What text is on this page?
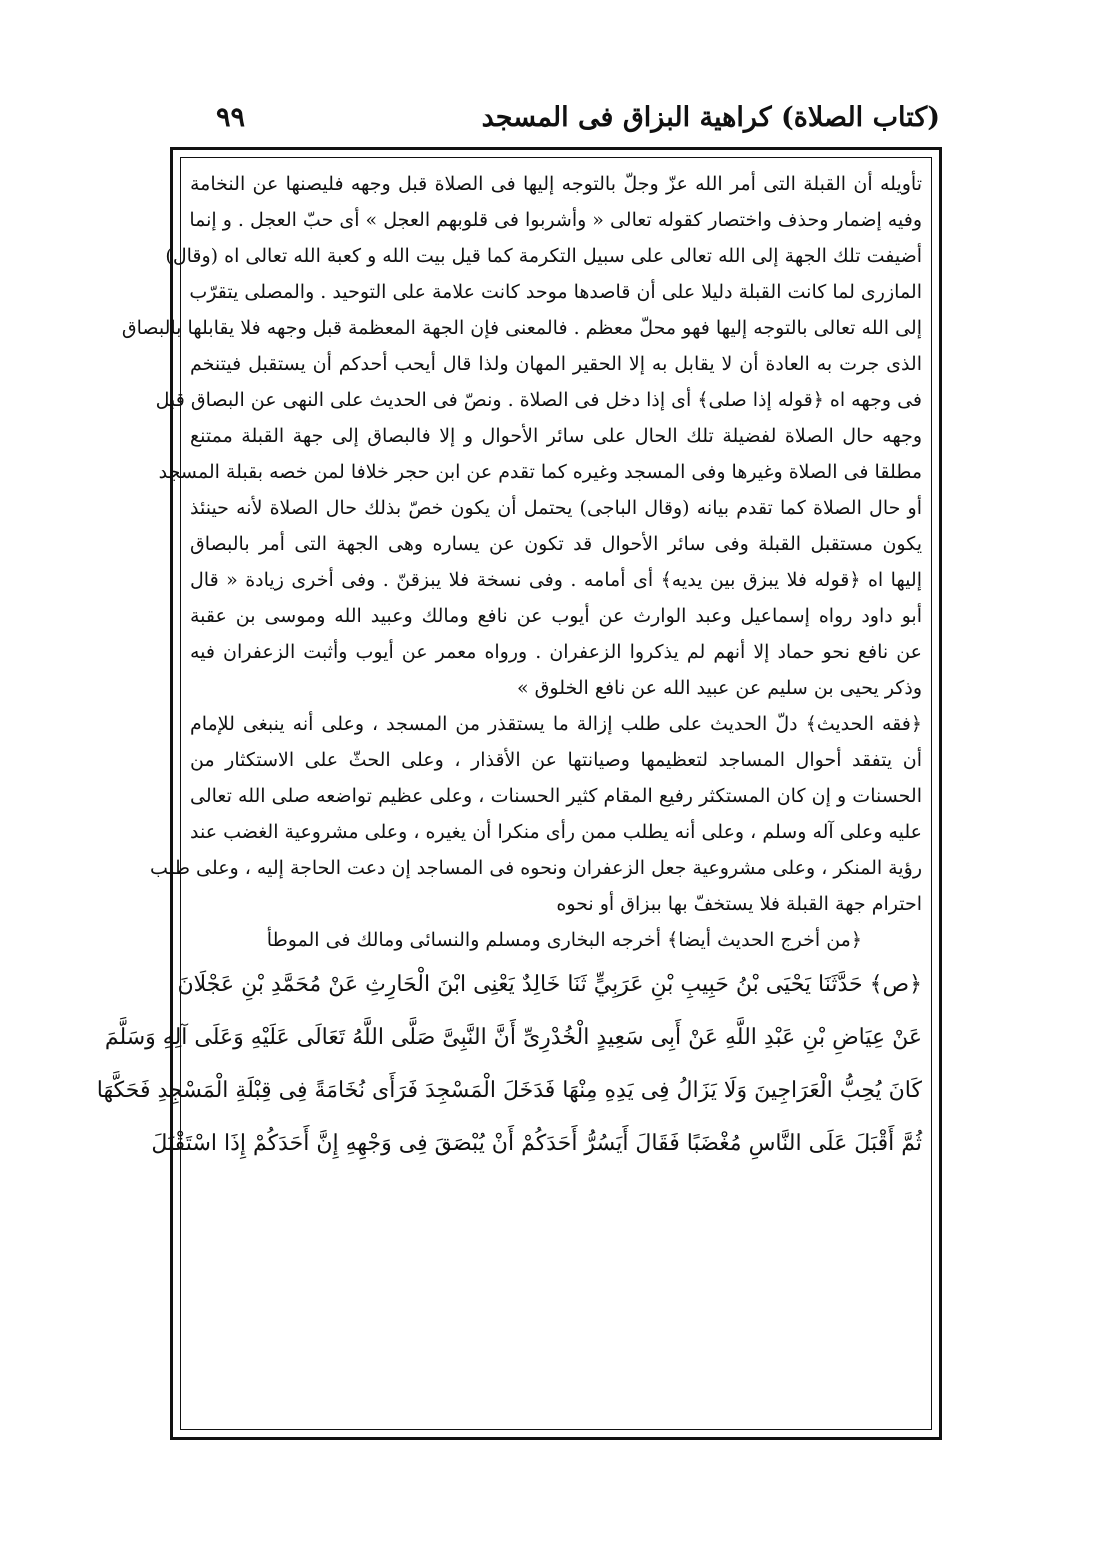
(كتاب الصلاة) كراهية البزاق فى المسجد
٩٩
تأويله أن القبلة التى أمر الله عزّ وجلّ بالتوجه إليها فى الصلاة قبل وجهه فليصنها عن النخامة
وفيه إضمار وحذف واختصار كقوله تعالى « وأشربوا فى قلوبهم العجل » أى حبّ العجل . و إنما
أضيفت تلك الجهة إلى الله تعالى على سبيل التكرمة كما قيل بيت الله و كعبة الله تعالى اه (وقال)
المازرى لما كانت القبلة دليلا على أن قاصدها موحد كانت علامة على التوحيد . والمصلى يتقرّب
إلى الله تعالى بالتوجه إليها فهو محلّ معظم . فالمعنى فإن الجهة المعظمة قبل وجهه فلا يقابلها بالبصاق
الذى جرت به العادة أن لا يقابل به إلا الحقير المهان ولذا قال أيحب أحدكم أن يستقبل فيتنخم
فى وجهه اه ﴿قوله إذا صلى﴾ أى إذا دخل فى الصلاة . ونصّ فى الحديث على النهى عن البصاق قبل
وجهه حال الصلاة لفضيلة تلك الحال على سائر الأحوال و إلا فالبصاق إلى جهة القبلة ممتنع
مطلقا فى الصلاة وغيرها وفى المسجد وغيره كما تقدم عن ابن حجر خلافا لمن خصه بقبلة المسجد
أو حال الصلاة كما تقدم بيانه (وقال الباجى) يحتمل أن يكون خصّ بذلك حال الصلاة لأنه حينئذ
يكون مستقبل القبلة وفى سائر الأحوال قد تكون عن يساره وهى الجهة التى أمر بالبصاق
إليها اه ﴿قوله فلا يبزق بين يديه﴾ أى أمامه . وفى نسخة فلا يبزقنّ . وفى أخرى زيادة « قال
أبو داود رواه إسماعيل وعبد الوارث عن أيوب عن نافع ومالك وعبيد الله وموسى بن عقبة
عن نافع نحو حماد إلا أنهم لم يذكروا الزعفران . ورواه معمر عن أيوب وأثبت الزعفران فيه
وذكر يحيى بن سليم عن عبيد الله عن نافع الخلوق »
﴿فقه الحديث﴾ دلّ الحديث على طلب إزالة ما يستقذر من المسجد ، وعلى أنه ينبغى للإمام
أن يتفقد أحوال المساجد لتعظيمها وصيانتها عن الأقذار ، وعلى الحثّ على الاستكثار من
الحسنات و إن كان المستكثر رفيع المقام كثير الحسنات ، وعلى عظيم تواضعه صلى الله تعالى
عليه وعلى آله وسلم ، وعلى أنه يطلب ممن رأى منكرا أن يغيره ، وعلى مشروعية الغضب عند
رؤية المنكر ، وعلى مشروعية جعل الزعفران ونحوه فى المساجد إن دعت الحاجة إليه ، وعلى طلب
احترام جهة القبلة فلا يستخفّ بها ببزاق أو نحوه
﴿من أخرج الحديث أيضا﴾ أخرجه البخارى ومسلم والنسائى ومالك فى الموطأ
﴿ص﴾ حَدَّثَنَا يَحْيَى بْنُ حَبِيبِ بْنِ عَرَبِيٍّ ثَنَا خَالِدٌ يَعْنِى ابْنَ الْحَارِثِ عَنْ مُحَمَّدِ بْنِ عَجْلَانَ
عَنْ عِيَاضِ بْنِ عَبْدِ اللَّهِ عَنْ أَبِى سَعِيدٍ الْخُدْرِىِّ أَنَّ النَّبِىَّ صَلَّى اللَّهُ تَعَالَى عَلَيْهِ وَعَلَى آلِهِ وَسَلَّمَ
كَانَ يُحِبُّ الْعَرَاجِينَ وَلَا يَزَالُ فِى يَدِهِ مِنْهَا فَدَخَلَ الْمَسْجِدَ فَرَأَى نُخَامَةً فِى قِبْلَةِ الْمَسْجِدِ فَحَكَّهَا
ثُمَّ أَقْبَلَ عَلَى النَّاسِ مُغْضَبًا فَقَالَ أَيَسُرُّ أَحَدَكُمْ أَنْ يُبْصَقَ فِى وَجْهِهِ إِنَّ أَحَدَكُمْ إِذَا اسْتَقْبَلَ
